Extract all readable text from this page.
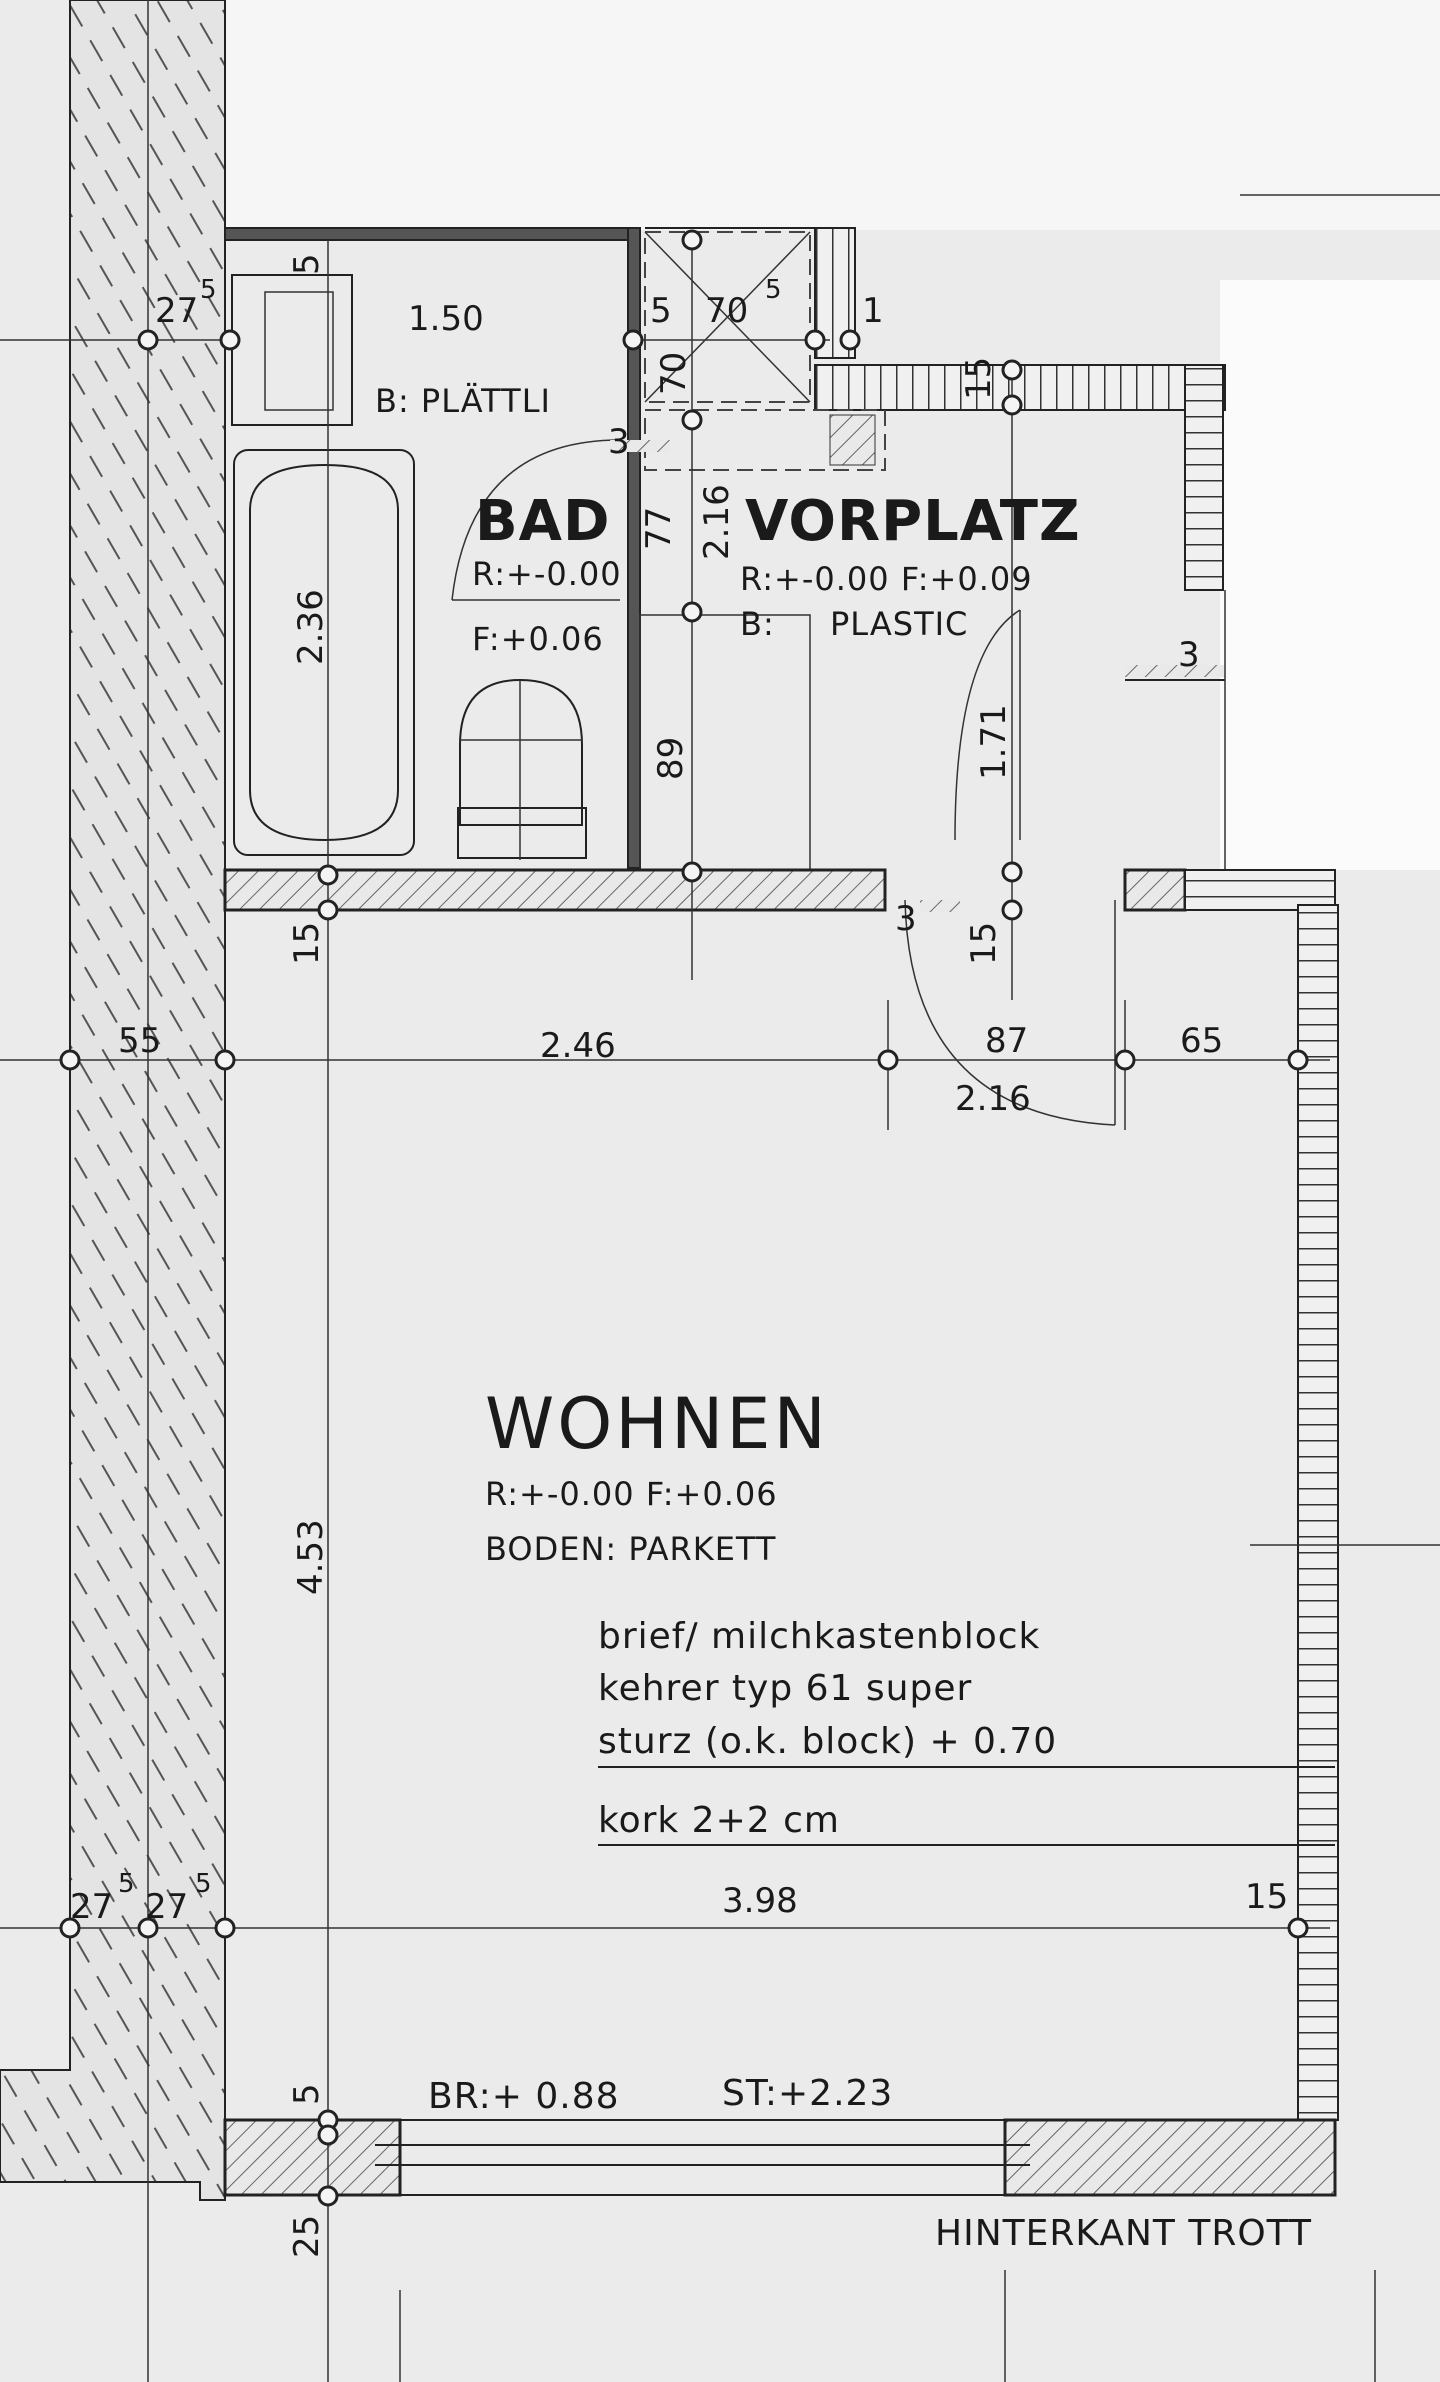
BAD
R:+-0.00
F:+0.06
B: PLÄTTLI
VORPLATZ
R:+-0.00 F:+0.09
B: PLASTIC
WOHNEN
R:+-0.00 F:+0.06
BODEN: PARKETT
brief/ milchkastenblock
kehrer typ 61 super
sturz (o.k. block) + 0.70
kork 2+2 cm
BR:+ 0.88	ST:+2.23
HINTERKANT TROTT
27
5
1.50	5 70
5
1
3
3
2.46
55	87	65
2.16
3.98	15
27
5
27
5
3
5
70
2.36
77 2.16
89	1.71
15
15	15
4.53
5
25
